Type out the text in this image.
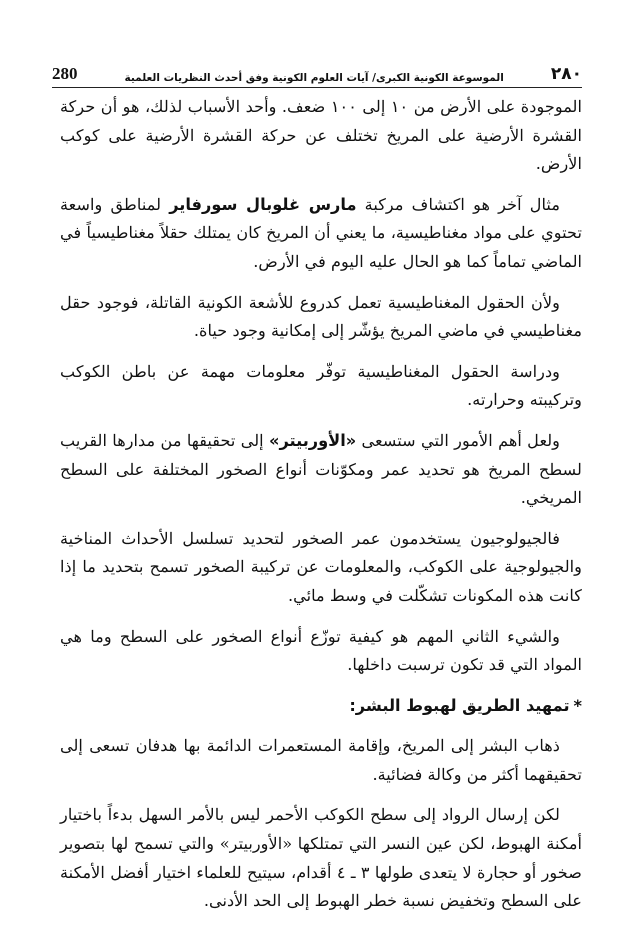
280	الموسوعة الكونية الكبرى/ آيات العلوم الكونية وفق أحدث النظريات العلمية	٢٨٠

الموجودة على الأرض من ١٠ إلى ١٠٠ ضعف. وأحد الأسباب لذلك، هو أن حركة القشرة الأرضية على المريخ تختلف عن حركة القشرة الأرضية على كوكب الأرض.

مثال آخر هو اكتشاف مركبة مارس غلوبال سورفاير لمناطق واسعة تحتوي على مواد مغناطيسية، ما يعني أن المريخ كان يمتلك حقلاً مغناطيسياً في الماضي تماماً كما هو الحال عليه اليوم في الأرض.

ولأن الحقول المغناطيسية تعمل كدروع للأشعة الكونية القاتلة، فوجود حقل مغناطيسي في ماضي المريخ يؤشّر إلى إمكانية وجود حياة.

ودراسة الحقول المغناطيسية توفّر معلومات مهمة عن باطن الكوكب وتركيبته وحرارته.

ولعل أهم الأمور التي ستسعى «الأوربيتر» إلى تحقيقها من مدارها القريب لسطح المريخ هو تحديد عمر ومكوّنات أنواع الصخور المختلفة على السطح المريخي.

فالجيولوجيون يستخدمون عمر الصخور لتحديد تسلسل الأحداث المناخية والجيولوجية على الكوكب، والمعلومات عن تركيبة الصخور تسمح بتحديد ما إذا كانت هذه المكونات تشكّلت في وسط مائي.

والشيء الثاني المهم هو كيفية توزّع أنواع الصخور على السطح وما هي المواد التي قد تكون ترسبت داخلها.

*تمهيد الطريق لهبوط البشر:

ذهاب البشر إلى المريخ، وإقامة المستعمرات الدائمة بها هدفان تسعى إلى تحقيقهما أكثر من وكالة فضائية.

لكن إرسال الرواد إلى سطح الكوكب الأحمر ليس بالأمر السهل بدءاً باختيار أمكنة الهبوط، لكن عين النسر التي تمتلكها «الأوربيتر» والتي تسمح لها بتصوير صخور أو حجارة لا يتعدى طولها ٣ ـ ٤ أقدام، سيتيح للعلماء اختيار أفضل الأمكنة على السطح وتخفيض نسبة خطر الهبوط إلى الحد الأدنى.
